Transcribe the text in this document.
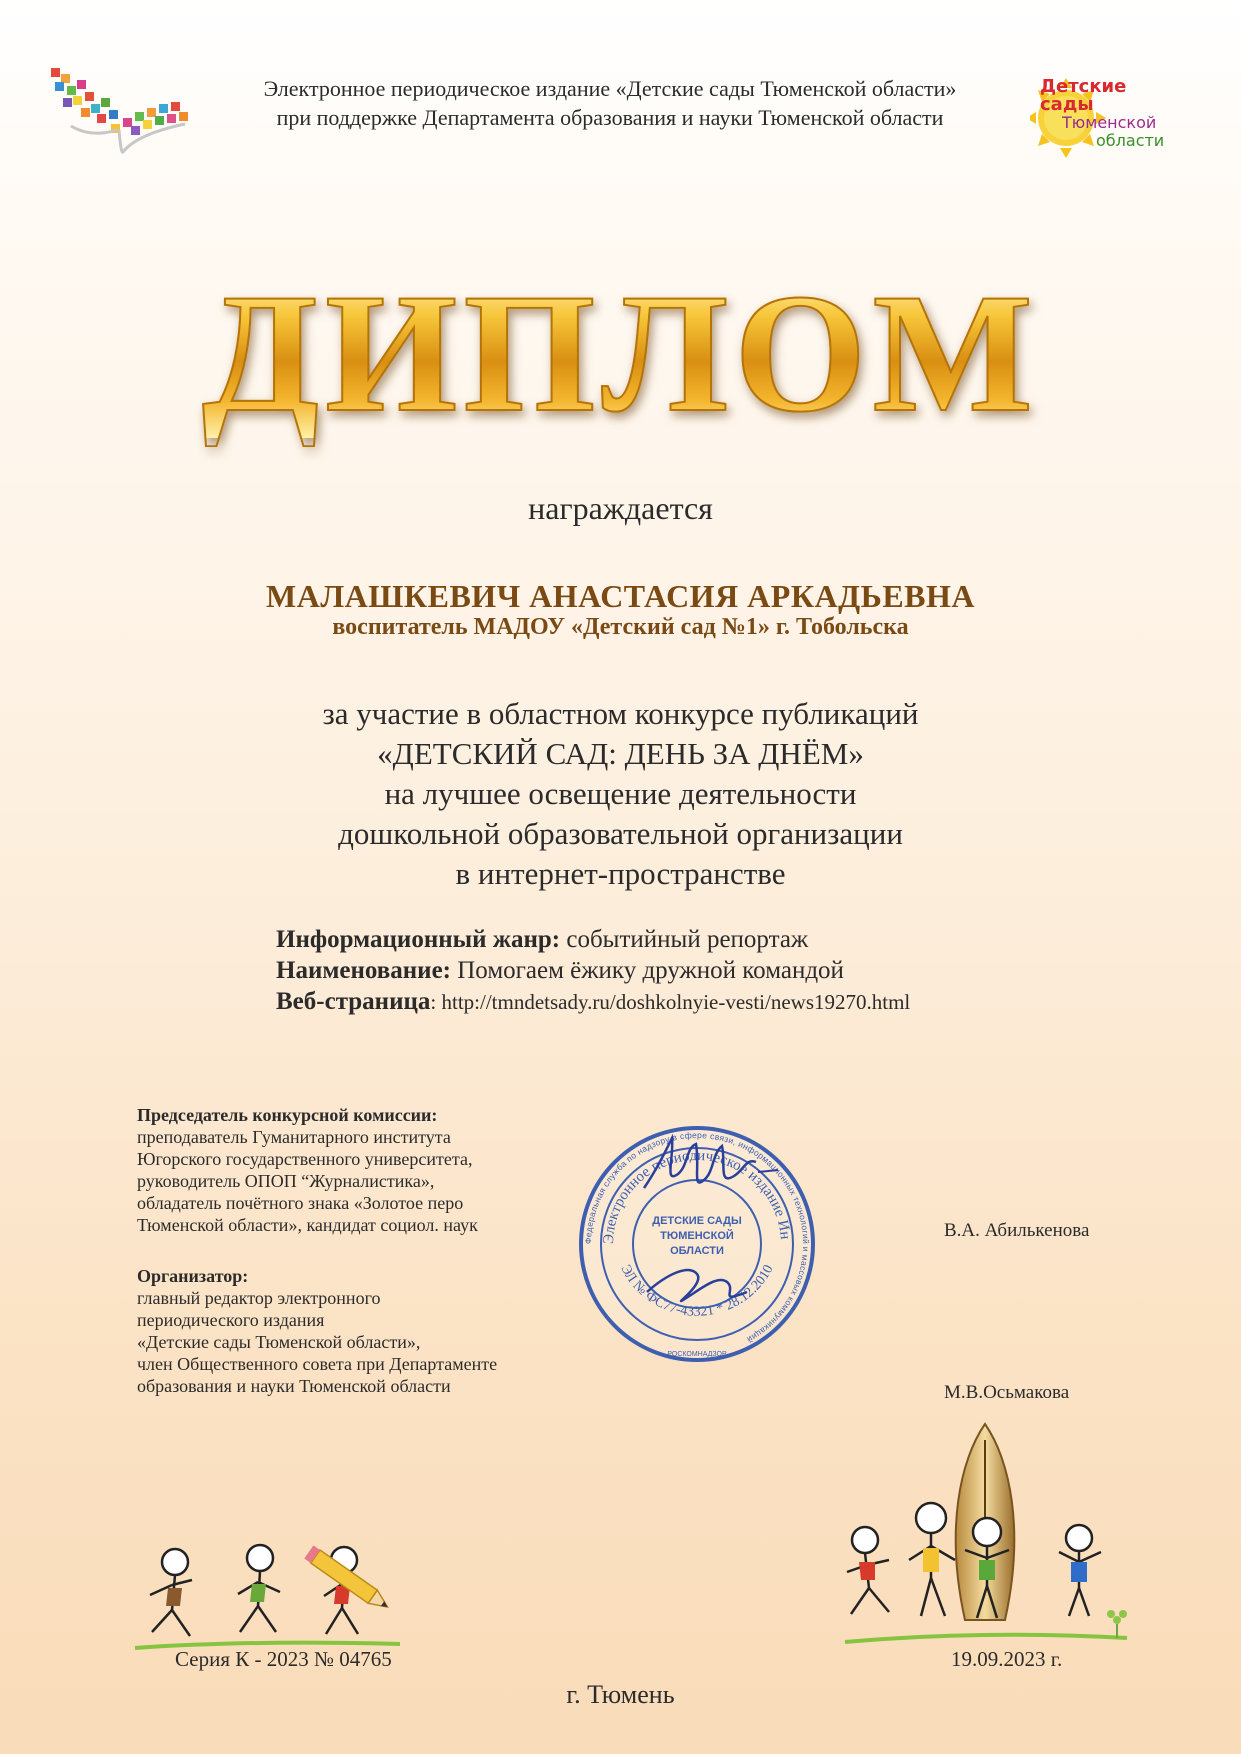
Электронное периодическое издание «Детские сады Тюменской области»
при поддержке Департамента образования и науки Тюменской области
Детские сады
Тюменской
области
ДИПЛОМ
награждается
МАЛАШКЕВИЧ АНАСТАСИЯ АРКАДЬЕВНА
воспитатель МАДОУ «Детский сад №1» г. Тобольска
за участие в областном конкурсе публикаций
«ДЕТСКИЙ САД: ДЕНЬ ЗА ДНЁМ»
на лучшее освещение деятельности
дошкольной образовательной организации
в интернет-пространстве
Информационный жанр: событийный репортаж
Наименование: Помогаем ёжику дружной командой
Веб-страница: http://tmndetsady.ru/doshkolnyie-vesti/news19270.html
Председатель конкурсной комиссии:
преподаватель Гуманитарного института
Югорского государственного университета,
руководитель ОПОП “Журналистика»,
обладатель почётного знака «Золотое перо
Тюменской области», кандидат социол. наук	В.А. Абилькенова
Организатор:
главный редактор электронного
периодического издания
«Детские сады Тюменской области»,
член Общественного совета при Департаменте
образования и науки Тюменской области	М.В.Осьмакова
Федеральная служба по надзору в сфере связи, информационных технологий и массовых коммуникаций
Электронное периодическое издание Ин
ЭЛ № ФС77-43321 * 28.12.2010
РОСКОМНАДЗОР
ДЕТСКИЕ САДЫ
ТЮМЕНСКОЙ
ОБЛАСТИ
Серия К - 2023 № 04765	19.09.2023 г.
г. Тюмень
